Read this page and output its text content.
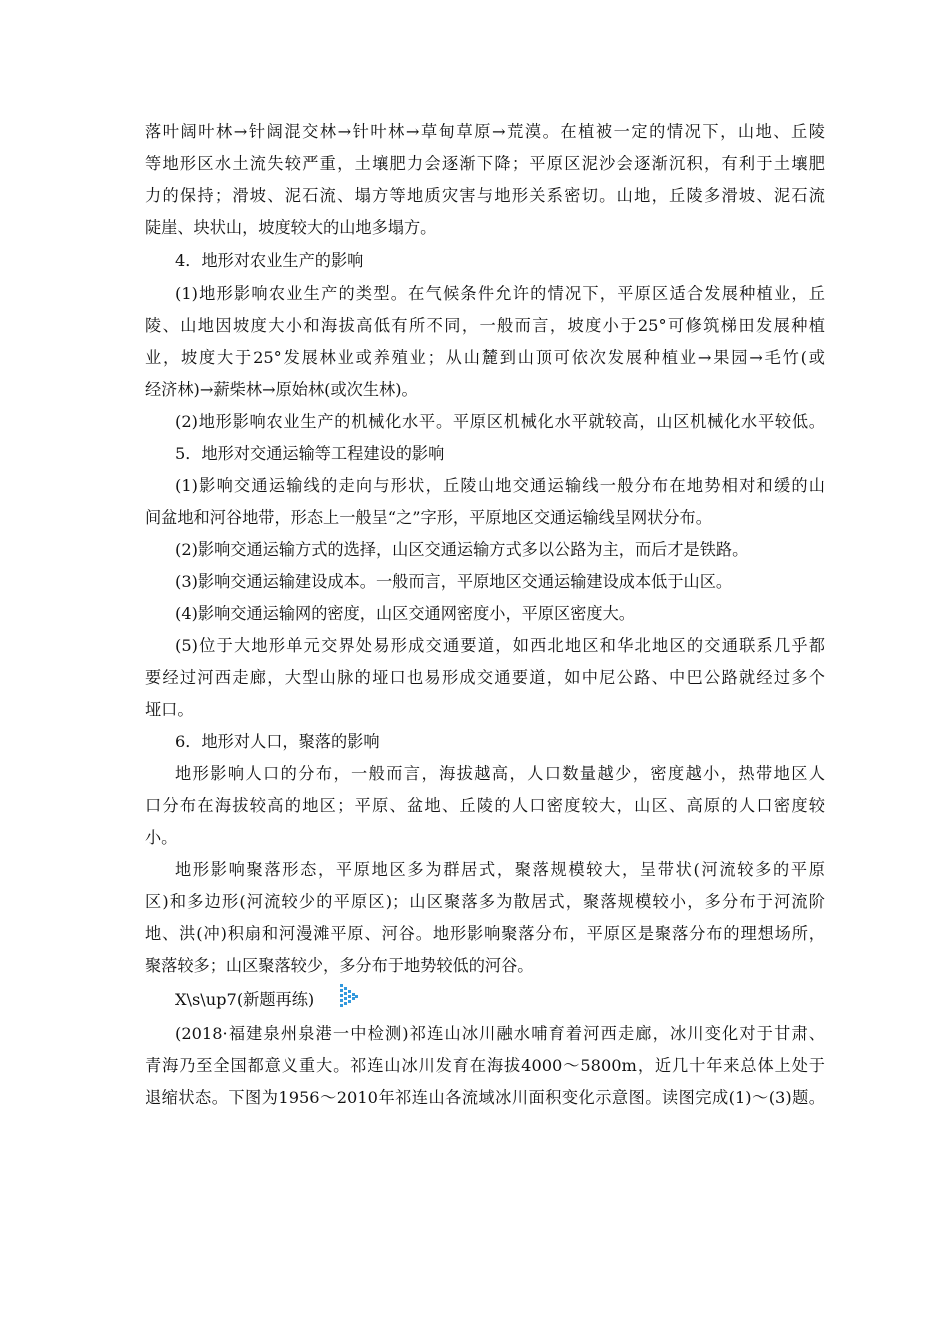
落叶阔叶林→针阔混交林→针叶林→草甸草原→荒漠。在植被一定的情况下，山地、丘陵
等地形区水土流失较严重，土壤肥力会逐渐下降；平原区泥沙会逐渐沉积，有利于土壤肥
力的保持；滑坡、泥石流、塌方等地质灾害与地形关系密切。山地，丘陵多滑坡、泥石流
陡崖、块状山，坡度较大的山地多塌方。
4．地形对农业生产的影响
(1)地形影响农业生产的类型。在气候条件允许的情况下，平原区适合发展种植业，丘
陵、山地因坡度大小和海拔高低有所不同，一般而言，坡度小于25°可修筑梯田发展种植
业，坡度大于25°发展林业或养殖业；从山麓到山顶可依次发展种植业→果园→毛竹(或
经济林)→薪柴林→原始林(或次生林)。
(2)地形影响农业生产的机械化水平。平原区机械化水平就较高，山区机械化水平较低。
5．地形对交通运输等工程建设的影响
(1)影响交通运输线的走向与形状，丘陵山地交通运输线一般分布在地势相对和缓的山
间盆地和河谷地带，形态上一般呈“之”字形，平原地区交通运输线呈网状分布。
(2)影响交通运输方式的选择，山区交通运输方式多以公路为主，而后才是铁路。
(3)影响交通运输建设成本。一般而言，平原地区交通运输建设成本低于山区。
(4)影响交通运输网的密度，山区交通网密度小，平原区密度大。
(5)位于大地形单元交界处易形成交通要道，如西北地区和华北地区的交通联系几乎都
要经过河西走廊，大型山脉的垭口也易形成交通要道，如中尼公路、中巴公路就经过多个
垭口。
6．地形对人口，聚落的影响
地形影响人口的分布，一般而言，海拔越高，人口数量越少，密度越小，热带地区人
口分布在海拔较高的地区；平原、盆地、丘陵的人口密度较大，山区、高原的人口密度较
小。
地形影响聚落形态，平原地区多为群居式，聚落规模较大，呈带状(河流较多的平原
区)和多边形(河流较少的平原区)；山区聚落多为散居式，聚落规模较小，多分布于河流阶
地、洪(冲)积扇和河漫滩平原、河谷。地形影响聚落分布，平原区是聚落分布的理想场所，
聚落较多；山区聚落较少，多分布于地势较低的河谷。
X\s\up7(新题再练)
(2018·福建泉州泉港一中检测)祁连山冰川融水哺育着河西走廊，冰川变化对于甘肃、
青海乃至全国都意义重大。祁连山冰川发育在海拔4000～5800m，近几十年来总体上处于
退缩状态。下图为1956～2010年祁连山各流域冰川面积变化示意图。读图完成(1)～(3)题。
